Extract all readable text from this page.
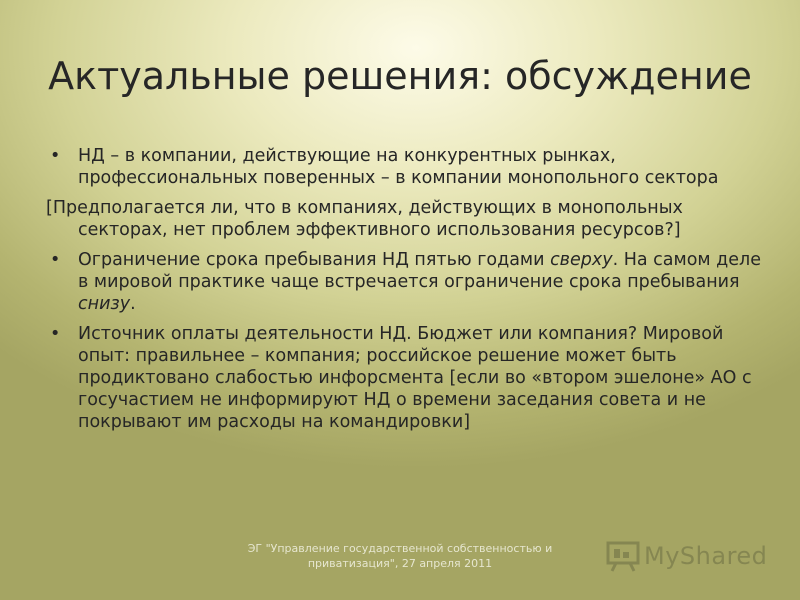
Актуальные решения: обсуждение
• НД – в компании, действующие на конкурентных рынках, профессиональных поверенных – в компании монопольного сектора
[Предполагается ли, что в компаниях, действующих в монопольных секторах, нет проблем эффективного использования ресурсов?]
• Ограничение срока пребывания НД пятью годами сверху. На самом деле в мировой практике чаще встречается ограничение срока пребывания снизу.
• Источник оплаты деятельности НД. Бюджет или компания? Мировой опыт: правильнее – компания; российское решение может быть продиктовано слабостью инфорсмента [если во «втором эшелоне» АО с госучастием не информируют НД о времени заседания совета и не покрывают им расходы на командировки]
ЭГ "Управление государственной собственностью и приватизация", 27 апреля 2011	MyShared
